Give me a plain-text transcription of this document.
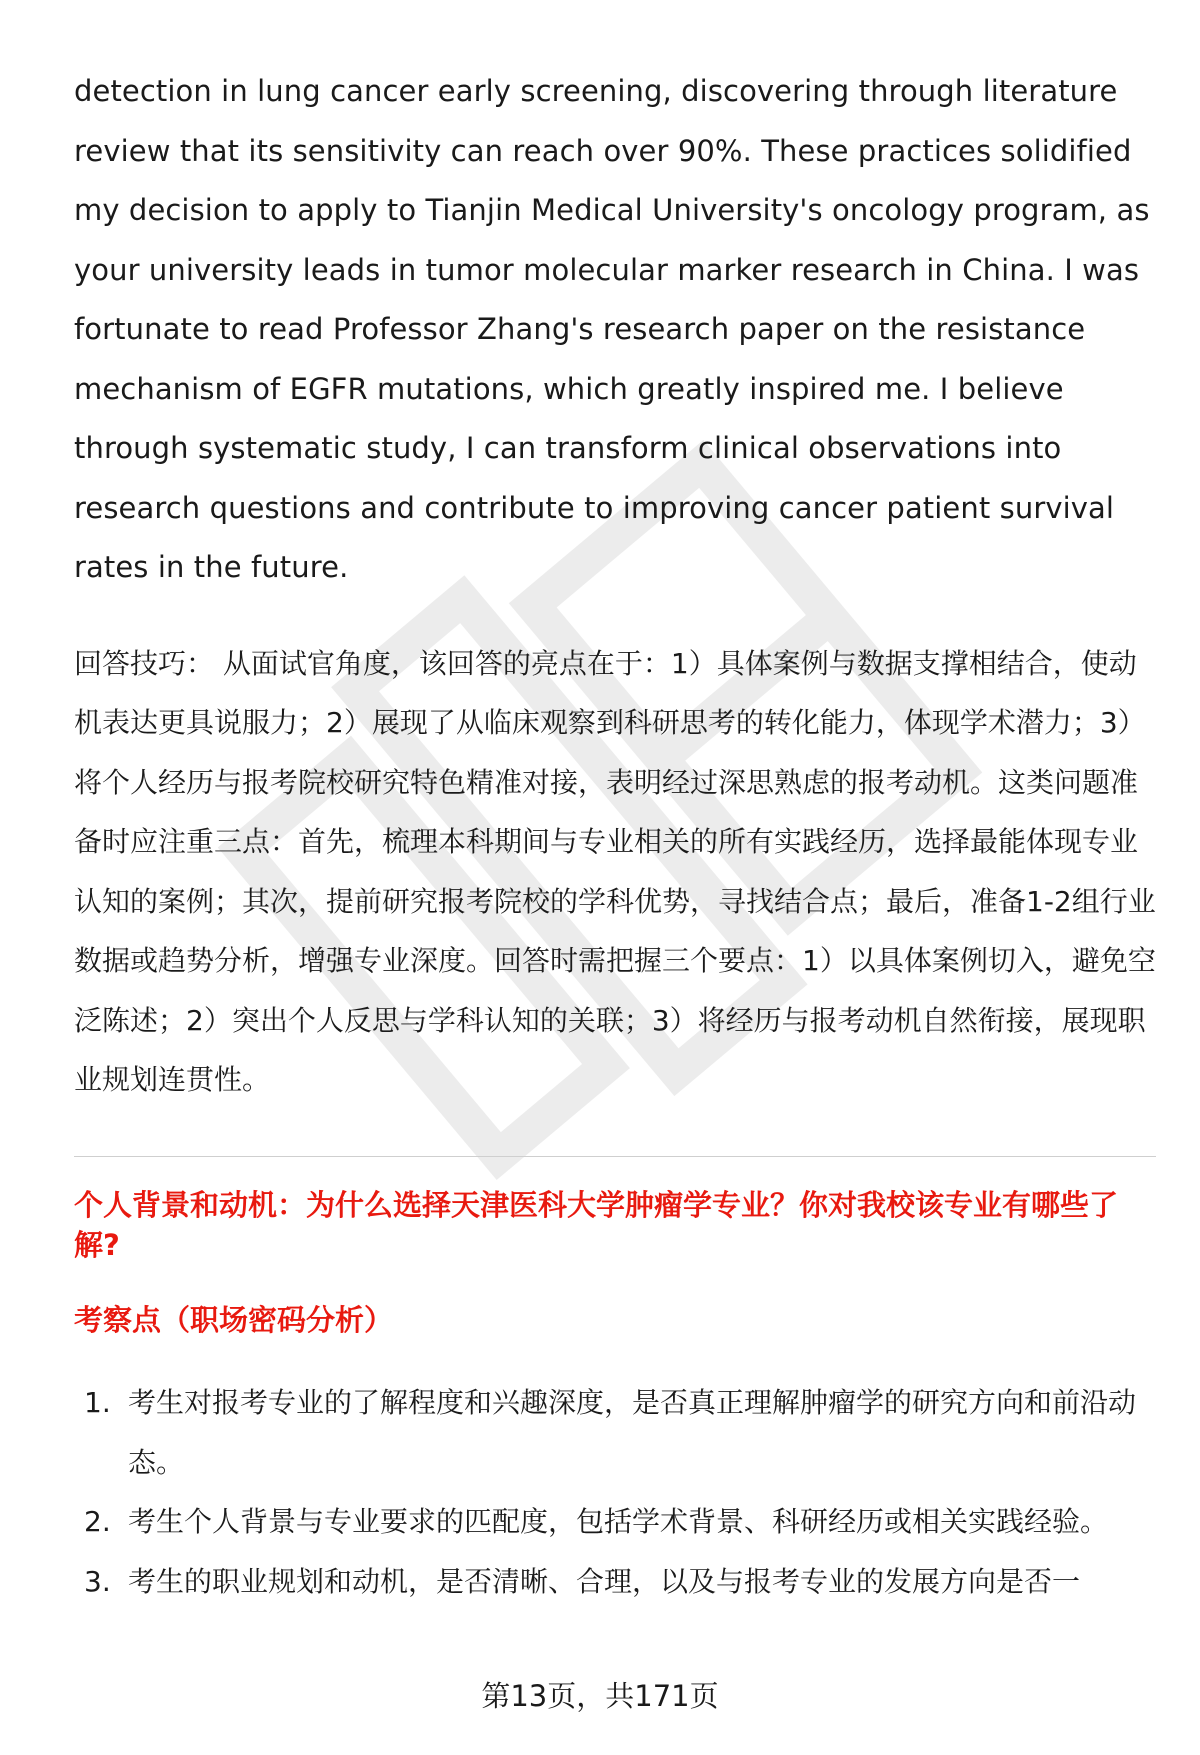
detection in lung cancer early screening, discovering through literature review that its sensitivity can reach over 90%. These practices solidified my decision to apply to Tianjin Medical University's oncology program, as your university leads in tumor molecular marker research in China. I was fortunate to read Professor Zhang's research paper on the resistance mechanism of EGFR mutations, which greatly inspired me. I believe through systematic study, I can transform clinical observations into research questions and contribute to improving cancer patient survival rates in the future.

回答技巧： 从面试官角度，该回答的亮点在于：1）具体案例与数据支撑相结合，使动机表达更具说服力；2）展现了从临床观察到科研思考的转化能力，体现学术潜力；3）将个人经历与报考院校研究特色精准对接，表明经过深思熟虑的报考动机。这类问题准备时应注重三点：首先，梳理本科期间与专业相关的所有实践经历，选择最能体现专业认知的案例；其次，提前研究报考院校的学科优势，寻找结合点；最后，准备1-2组行业数据或趋势分析，增强专业深度。回答时需把握三个要点：1）以具体案例切入，避免空泛陈述；2）突出个人反思与学科认知的关联；3）将经历与报考动机自然衔接，展现职业规划连贯性。

个人背景和动机：为什么选择天津医科大学肿瘤学专业？你对我校该专业有哪些了解?

考察点（职场密码分析）

1. 考生对报考专业的了解程度和兴趣深度，是否真正理解肿瘤学的研究方向和前沿动态。
2. 考生个人背景与专业要求的匹配度，包括学术背景、科研经历或相关实践经验。
3. 考生的职业规划和动机，是否清晰、合理，以及与报考专业的发展方向是否一
第13页，共171页
